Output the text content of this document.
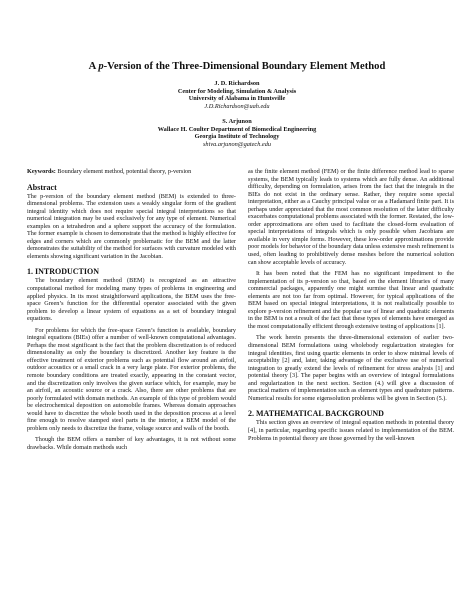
A p-Version of the Three-Dimensional Boundary Element Method
J. D. Richardson
Center for Modeling, Simulation & Analysis
University of Alabama in Huntsville
J.D.Richardson@uah.edu
S. Arjunon
Wallace H. Coulter Department of Biomedical Engineering
Georgia Institute of Technology
shiva.arjunon@gatech.edu
Keywords: Boundary element method, potential theory, p-version
Abstract

The p-version of the boundary element method (BEM) is extended to three-dimensional problems. The extension uses a weakly singular form of the gradient integral identity which does not require special integral interpretations so that numerical integration may be used exclusively for any type of element. Numerical examples on a tetrahedron and a sphere support the accuracy of the formulation. The former example is chosen to demonstrate that the method is highly effective for edges and corners which are commonly problematic for the BEM and the latter demonstrates the suitability of the method for surfaces with curvature modeled with elements showing significant variation in the Jacobian.

1. INTRODUCTION

The boundary element method (BEM) is recognized as an attractive computational method for modeling many types of problems in engineering and applied physics. In its most straightforward applications, the BEM uses the free-space Green’s function for the differential operator associated with the given problem to develop a linear system of equations as a set of boundary integral equations.

For problems for which the free-space Green’s function is available, boundary integral equations (BIEs) offer a number of well-known computational advantages. Perhaps the most significant is the fact that the problem discretization is of reduced dimensionality as only the boundary is discretized. Another key feature is the effective treatment of exterior problems such as potential flow around an airfoil, outdoor acoustics or a small crack in a very large plate. For exterior problems, the remote boundary conditions are treated exactly, appearing in the constant vector, and the discretization only involves the given surface which, for example, may be an airfoil, an acoustic source or a crack. Also, there are other problems that are poorly formulated with domain methods. An example of this type of problem would be electrochemical deposition on automobile frames. Whereas domain approaches would have to discretize the whole booth used in the deposition process at a level fine enough to resolve stamped steel parts in the interior, a BEM model of the problem only needs to discretize the frame, voltage source and walls of the booth.

Though the BEM offers a number of key advantages, it is not without some drawbacks. While domain methods such

as the finite element method (FEM) or the finite difference method lead to sparse systems, the BEM typically leads to systems which are fully dense. An additional difficulty, depending on formulation, arises from the fact that the integrals in the BIEs do not exist in the ordinary sense. Rather, they require some special interpretation, either as a Cauchy principal value or as a Hadamard finite part. It is perhaps under appreciated that the most common resolution of the latter difficulty exacerbates computational problems associated with the former. Restated, the low-order approximations are often used to facilitate the closed-form evaluation of special interpretations of integrals which is only possible when Jacobians are available in very simple forms. However, these low-order approximations provide poor models for behavior of the boundary data unless extensive mesh refinement is used, often leading to prohibitively dense meshes before the numerical solution can show acceptable levels of accuracy.

It has been noted that the FEM has no significant impediment to the implementation of its p-version so that, based on the element libraries of many commercial packages, apparently one might surmise that linear and quadratic elements are not too far from optimal. However, for typical applications of the BEM based on special integral interpretations, it is not realistically possible to explore p-version refinement and the popular use of linear and quadratic elements in the BEM is not a result of the fact that these types of elements have emerged as the most computationally efficient through extensive testing of applications [1].

The work herein presents the three-dimensional extension of earlier two-dimensional BEM formulations using wholebody regularization strategies for integral identities, first using quartic elements in order to show minimal levels of acceptability [2] and, later, taking advantage of the exclusive use of numerical integration to greatly extend the levels of refinement for stress analysis [1] and potential theory [3]. The paper begins with an overview of integral formulations and regularization in the next section. Section (4.) will give a discussion of practical matters of implementation such as element types and quadrature patterns. Numerical results for some eigensolution problems will be given in Section (5.).

2. MATHEMATICAL BACKGROUND

This section gives an overview of integral equation methods in potential theory [4], in particular, regarding specific issues related to implementation of the BEM. Problems in potential theory are those governed by the well-known
